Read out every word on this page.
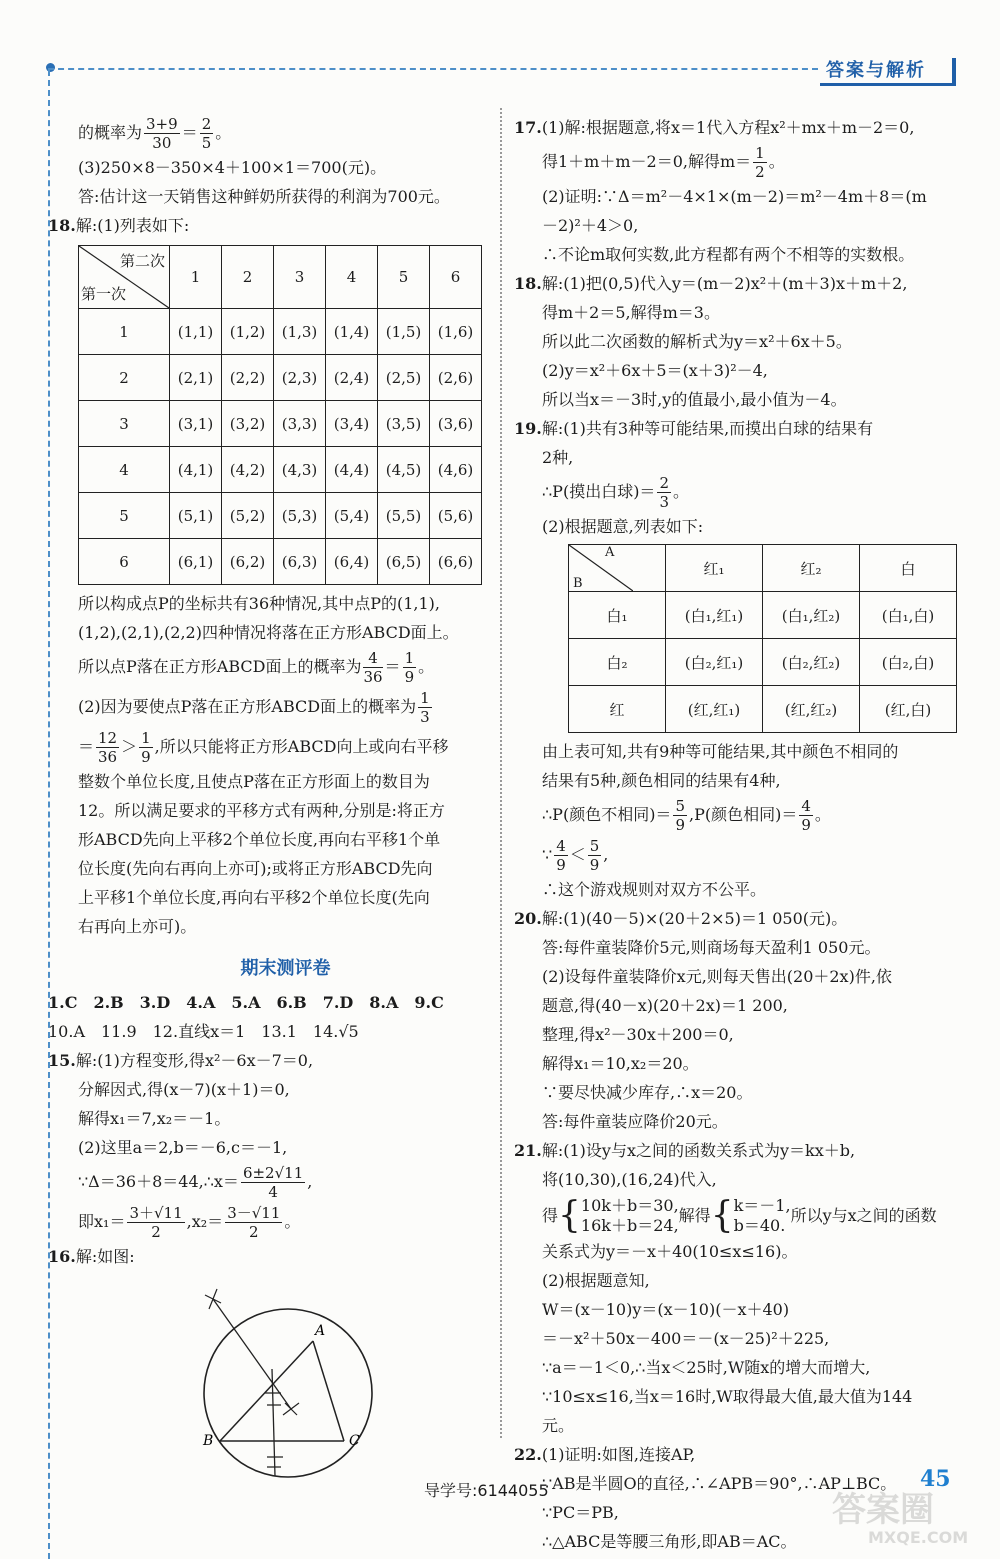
答案与解析
的概率为 $\frac{3+9}{30} = \frac{2}{5}$ 。
(3)250×8－350×4＋100×1＝700(元)。
答:估计这一天销售这种鲜奶所获得的利润为700元。
18.解:(1)列表如下:
第二次
第一次	1	2	3	4	5	6
1	(1,1)	(1,2)	(1,3)	(1,4)	(1,5)	(1,6)
2	(2,1)	(2,2)	(2,3)	(2,4)	(2,5)	(2,6)
3	(3,1)	(3,2)	(3,3)	(3,4)	(3,5)	(3,6)
4	(4,1)	(4,2)	(4,3)	(4,4)	(4,5)	(4,6)
5	(5,1)	(5,2)	(5,3)	(5,4)	(5,5)	(5,6)
6	(6,1)	(6,2)	(6,3)	(6,4)	(6,5)	(6,6)
所以构成点P的坐标共有36种情况,其中点P的(1,1),
(1,2),(2,1),(2,2)四种情况将落在正方形ABCD面上。
所以点P落在正方形ABCD面上的概率为 $\frac{4}{36} = \frac{1}{9}$ 。
(2)因为要使点P落在正方形ABCD面上的概率为 $\frac{1}{3}$
＝ $\frac{12}{36} > \frac{1}{9}$ ,所以只能将正方形ABCD向上或向右平移
整数个单位长度,且使点P落在正方形面上的数目为
12。所以满足要求的平移方式有两种,分别是:将正方
形ABCD先向上平移2个单位长度,再向右平移1个单
位长度(先向右再向上亦可);或将正方形ABCD先向
上平移1个单位长度,再向右平移2个单位长度(先向
右再向上亦可)。
期末测评卷
1.C　2.B　3.D　4.A　5.A　6.B　7.D　8.A　9.C
10.A　11.9　12.直线x＝1　13.1　14.√5
15.解:(1)方程变形,得x²－6x－7＝0,
分解因式,得(x－7)(x＋1)＝0,
解得x₁＝7,x₂＝－1。
(2)这里a＝2,b＝－6,c＝－1,
∵Δ＝36＋8＝44,∴x＝ $\frac{6\pm 2√11}{4}$ ,
即$x_1= \frac{3+√11}{2} ,x_2= \frac{3-√11}{2}$ 。
16.解:如图:
A
B	C
17.(1)解:根据题意,将x＝1代入方程x²＋mx＋m－2＝0,
得1＋m＋m－2＝0,解得$m= \frac{1}{2}$ 。
(2)证明:∵Δ＝m²－4×1×(m－2)＝m²－4m＋8＝(m
－2)²＋4＞0,
∴不论m取何实数,此方程都有两个不相等的实数根。
18.解:(1)把(0,5)代入y＝(m－2)x²＋(m＋3)x＋m＋2,
得m＋2＝5,解得m＝3。
所以此二次函数的解析式为y＝x²＋6x＋5。
(2)y＝x²＋6x＋5＝(x＋3)²－4,
所以当x＝－3时,y的值最小,最小值为－4。
19.解:(1)共有3种等可能结果,而摸出白球的结果有
2种,
∴P(摸出白球)＝ $\frac{2}{3}$ 。
(2)根据题意,列表如下:
A
B	红₁	红₂	白
白₁	(白₁,红₁)	(白₁,红₂)	(白₁,白)
白₂	(白₂,红₁)	(白₂,红₂)	(白₂,白)
红	(红,红₁)	(红,红₂)	(红,白)
由上表可知,共有9种等可能结果,其中颜色不相同的
结果有5种,颜色相同的结果有4种,
∴P(颜色不相同)＝ $\frac{5}{9} ,P$(颜色相同)＝ $\frac{4}{9}$ 。
∵ $\frac{4}{9} < \frac{5}{9}$ ,
∴这个游戏规则对双方不公平。
20.解:(1)(40－5)×(20＋2×5)＝1 050(元)。
答:每件童装降价5元,则商场每天盈利1 050元。
(2)设每件童装降价x元,则每天售出(20＋2x)件,依
题意,得(40－x)(20＋2x)＝1 200,
整理,得x²－30x＋200＝0,
解得x₁＝10,x₂＝20。
∵要尽快减少库存,∴x＝20。
答:每件童装应降价20元。
21.解:(1)设y与x之间的函数关系式为y＝kx＋b,
将(10,30),(16,24)代入,
得{ 10k＋b＝30,
16k＋b＝24,
解得{ k＝－1,
b＝40.
所以y与x之间的函数
关系式为y＝－x＋40(10≤x≤16)。
(2)根据题意知,
W＝(x－10)y＝(x－10)(－x＋40)
＝－x²＋50x－400＝－(x－25)²＋225,
∵a＝－1＜0,∴当x＜25时,W随x的增大而增大,
∵10≤x≤16,当x＝16时,W取得最大值,最大值为144
元。
22.(1)证明:如图,连接AP,
∵AB是半圆O的直径,∴∠APB＝90°,∴AP⊥BC。
∵PC＝PB,
∴△ABC是等腰三角形,即AB＝AC。
导学号:6144055	45
答案圈
MXQE.COM
